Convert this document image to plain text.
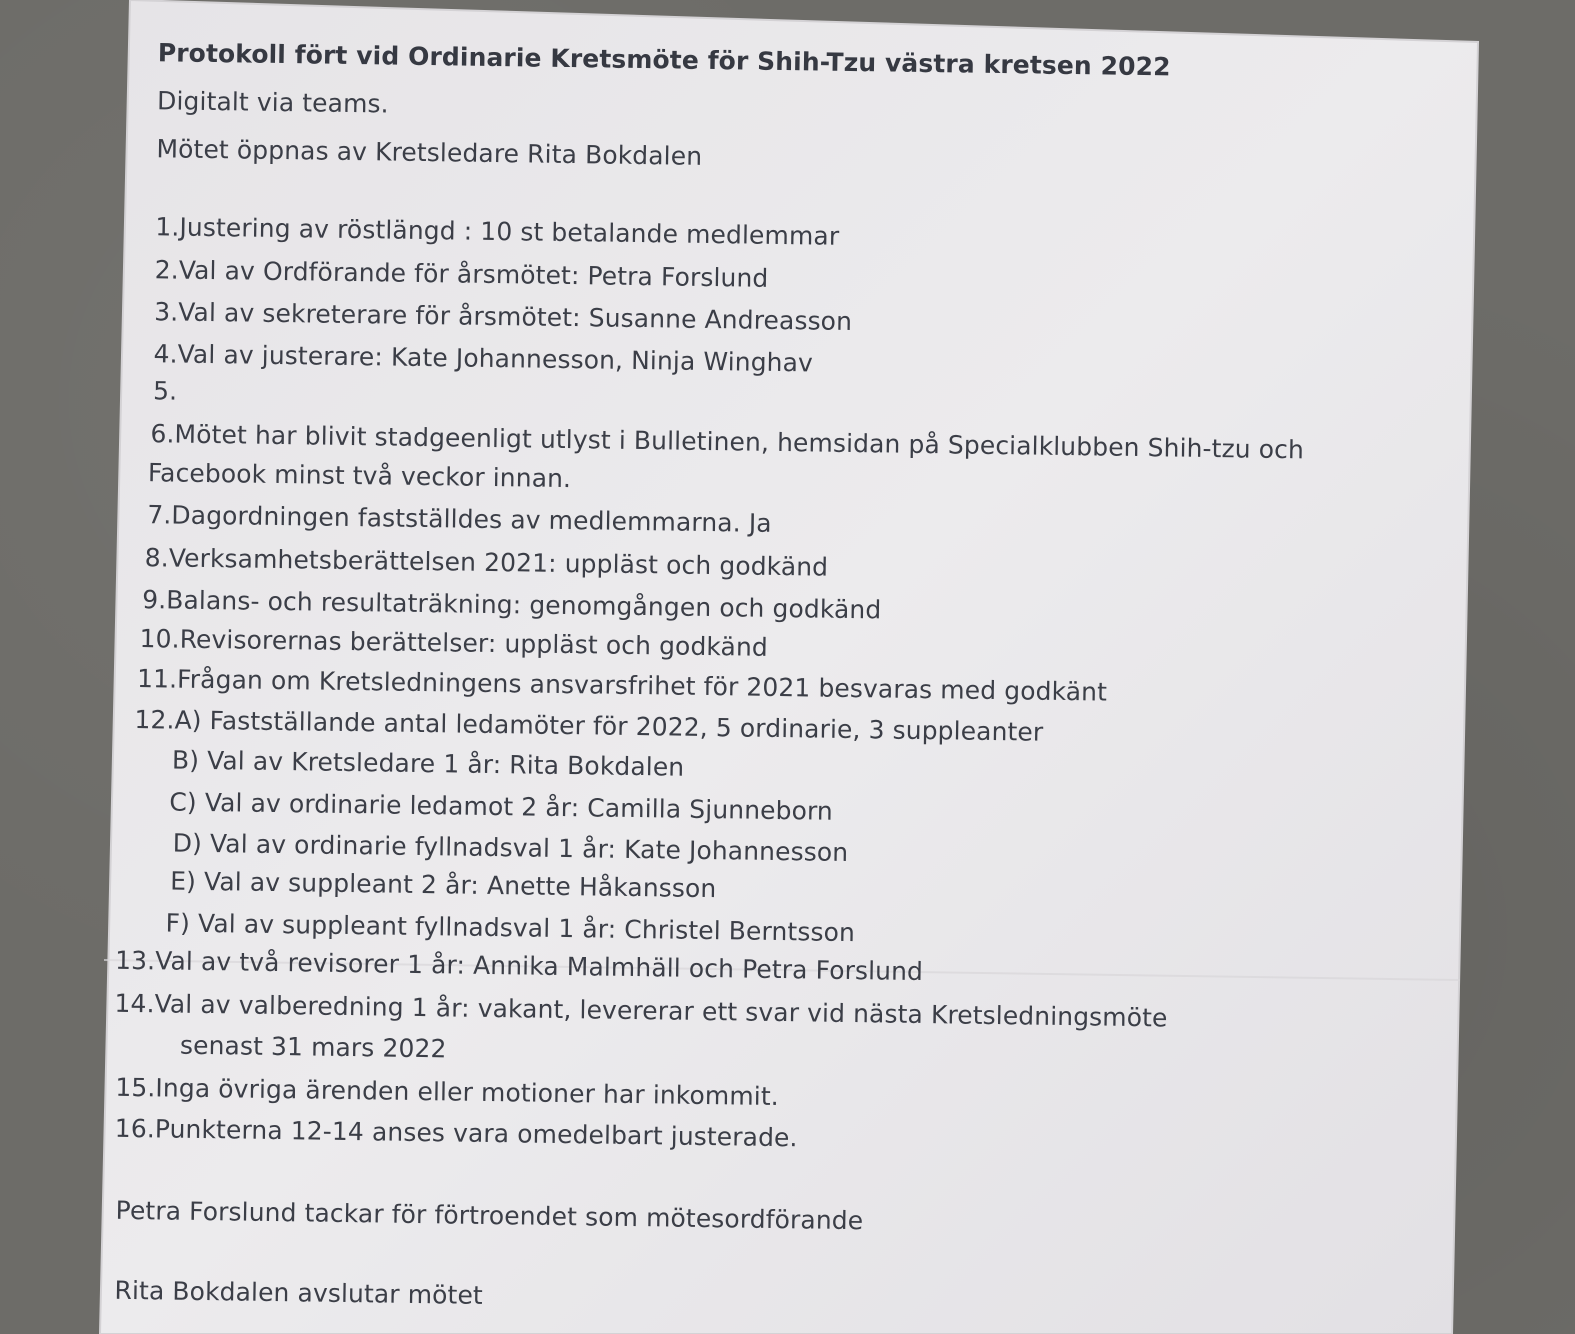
Protokoll fört vid Ordinarie Kretsmöte för Shih-Tzu västra kretsen 2022
Digitalt via teams.
Mötet öppnas av Kretsledare Rita Bokdalen
1.Justering av röstlängd : 10 st betalande medlemmar
2.Val av Ordförande för årsmötet: Petra Forslund
3.Val av sekreterare för årsmötet: Susanne Andreasson
4.Val av justerare: Kate Johannesson, Ninja Winghav
5.
6.Mötet har blivit stadgeenligt utlyst i Bulletinen, hemsidan på Specialklubben Shih-tzu och
Facebook minst två veckor innan.
7.Dagordningen fastställdes av medlemmarna. Ja
8.Verksamhetsberättelsen 2021: uppläst och godkänd
9.Balans- och resultaträkning: genomgången och godkänd
10.Revisorernas berättelser: uppläst och godkänd
11.Frågan om Kretsledningens ansvarsfrihet för 2021 besvaras med godkänt
12.A) Fastställande antal ledamöter för 2022, 5 ordinarie, 3 suppleanter
B) Val av Kretsledare 1 år: Rita Bokdalen
C) Val av ordinarie ledamot 2 år: Camilla Sjunneborn
D) Val av ordinarie fyllnadsval 1 år: Kate Johannesson
E) Val av suppleant 2 år: Anette Håkansson
F) Val av suppleant fyllnadsval 1 år: Christel Berntsson
13.Val av två revisorer 1 år: Annika Malmhäll och Petra Forslund
14.Val av valberedning 1 år: vakant, levererar ett svar vid nästa Kretsledningsmöte
senast 31 mars 2022
15.Inga övriga ärenden eller motioner har inkommit.
16.Punkterna 12-14 anses vara omedelbart justerade.
Petra Forslund tackar för förtroendet som mötesordförande
Rita Bokdalen avslutar mötet
